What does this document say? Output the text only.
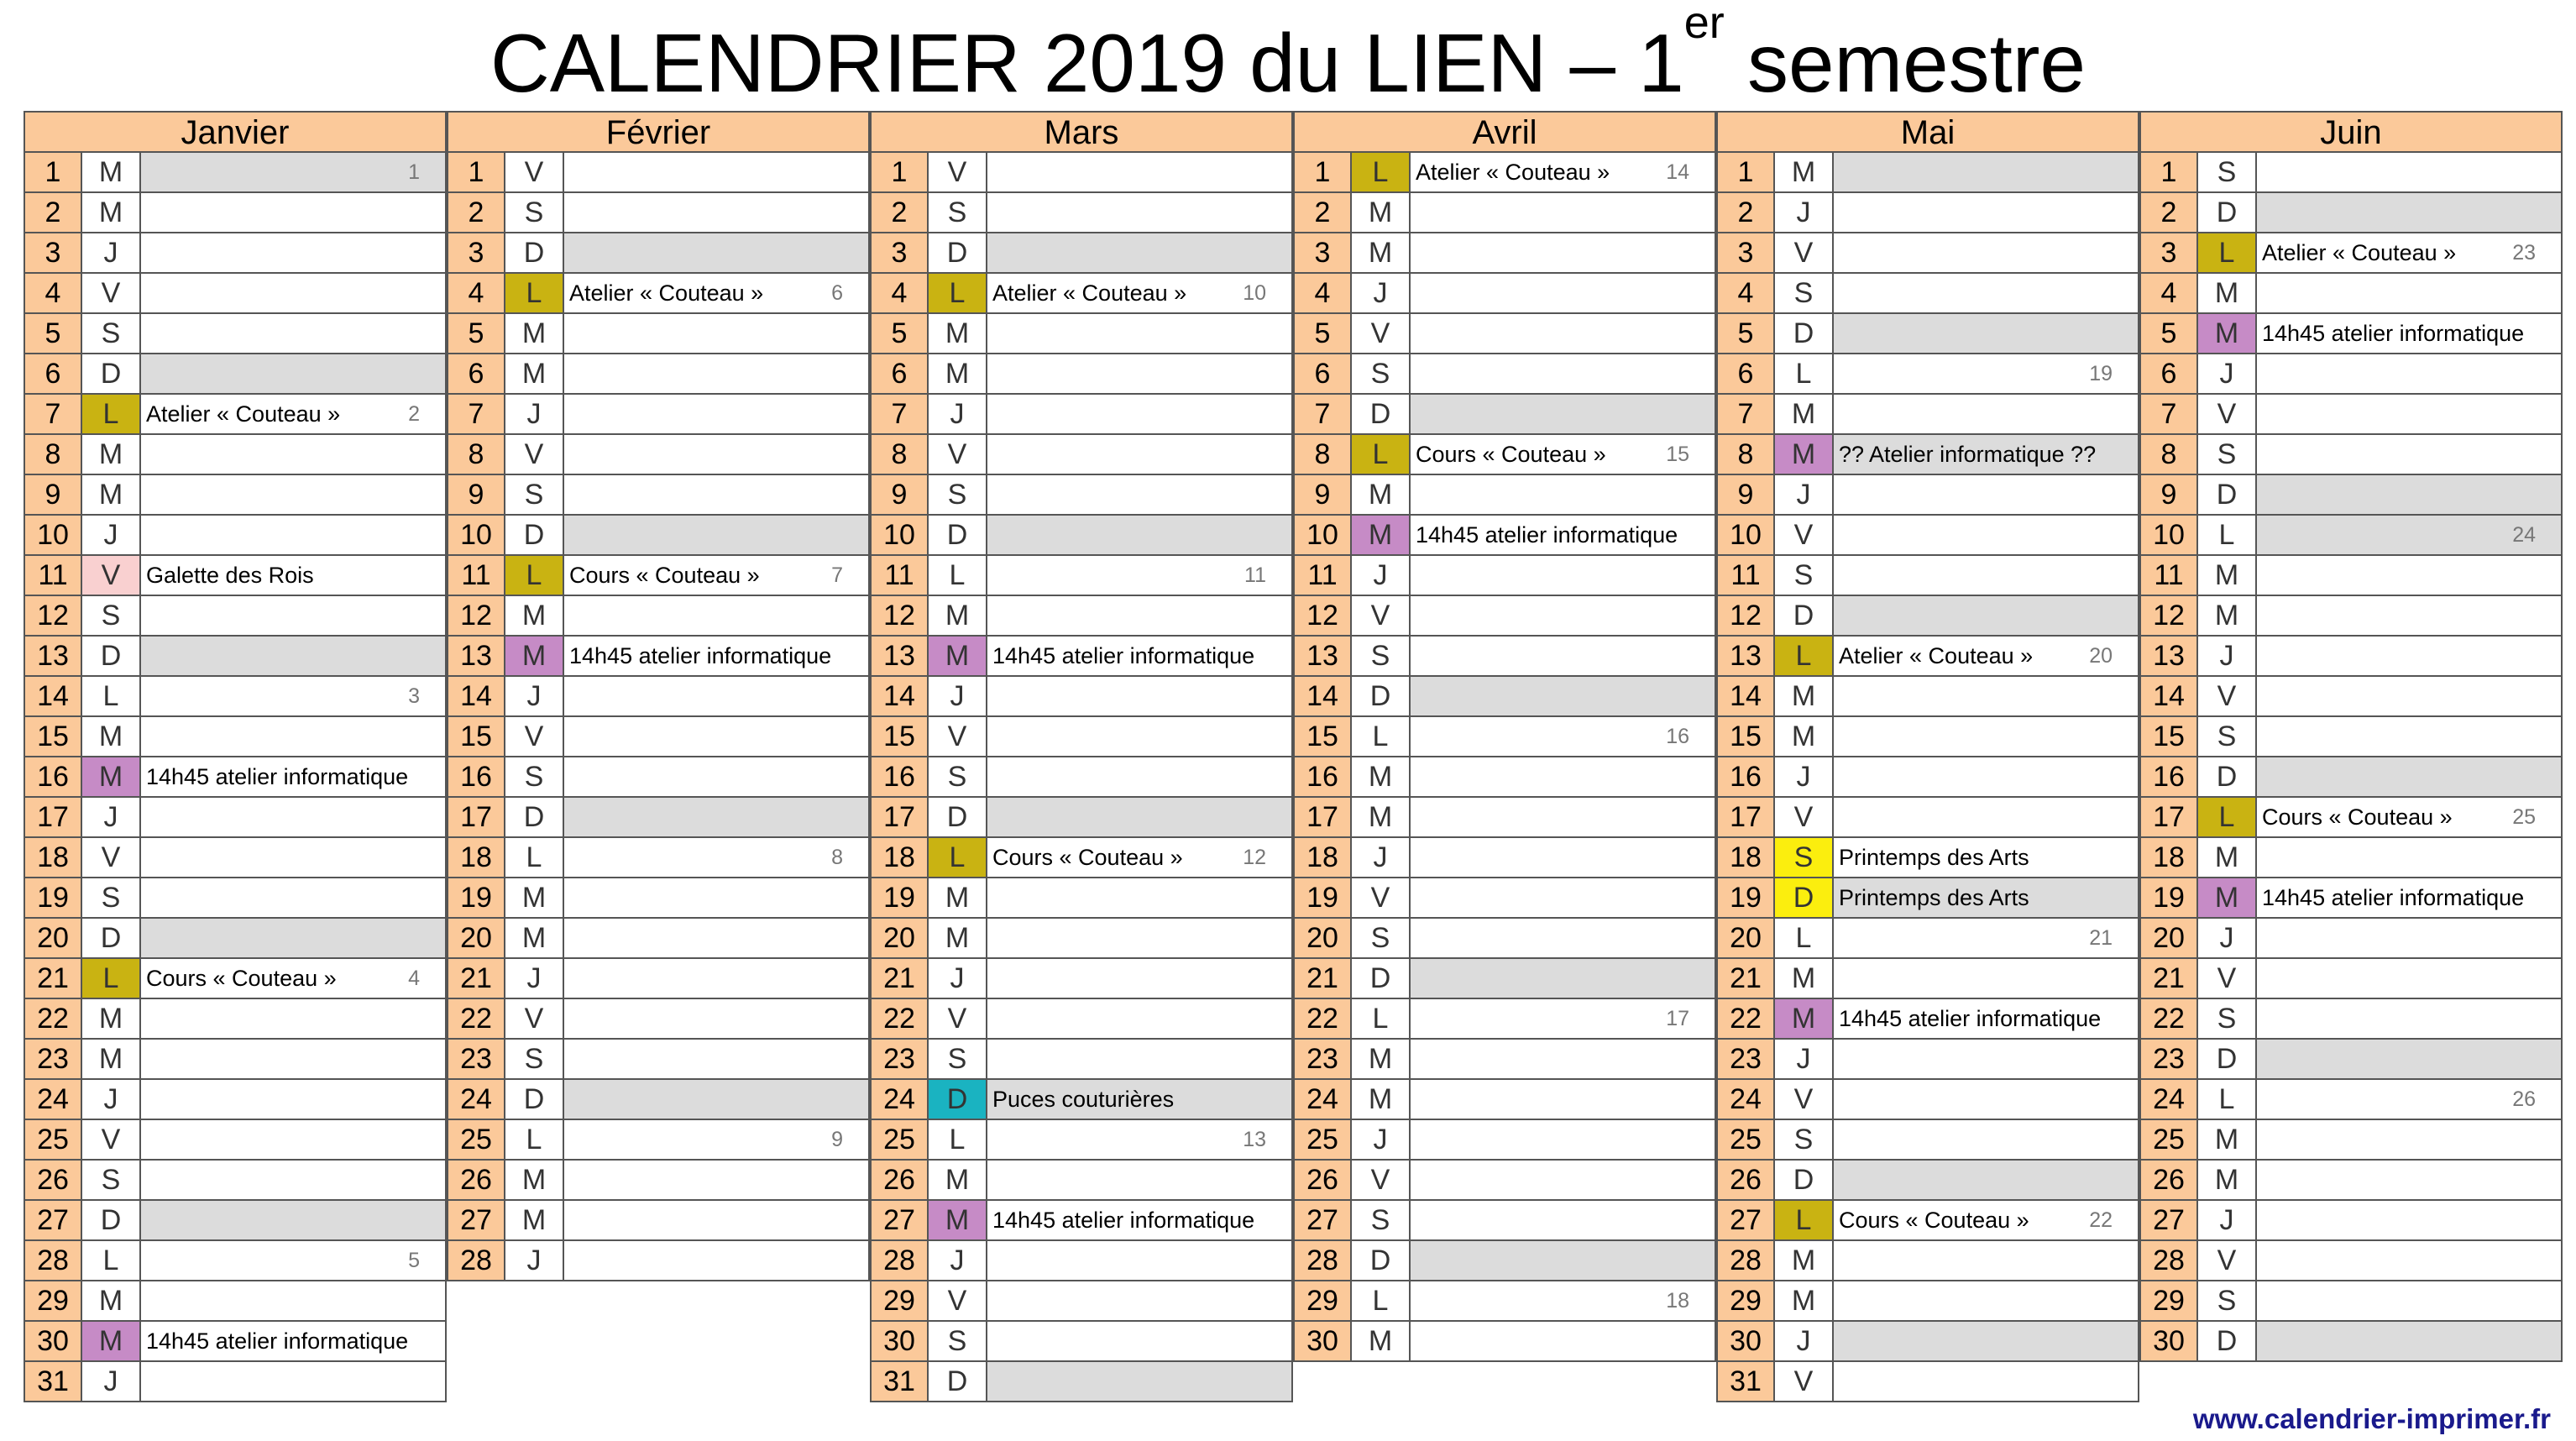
CALENDRIER 2019 du LIEN – 1er semestre
Janvier
1	M	1
2	M
3	J
4	V
5	S
6	D
7	L	Atelier « Couteau »	2
8	M
9	M
10	J
11	V	Galette des Rois
12	S
13	D
14	L	3
15	M
16	M	14h45 atelier informatique
17	J
18	V
19	S
20	D
21	L	Cours « Couteau »	4
22	M
23	M
24	J
25	V
26	S
27	D
28	L	5
29	M
30	M	14h45 atelier informatique
31	J
Février
1	V
2	S
3	D
4	L	Atelier « Couteau »	6
5	M
6	M
7	J
8	V
9	S
10	D
11	L	Cours « Couteau »	7
12	M
13	M	14h45 atelier informatique
14	J
15	V
16	S
17	D
18	L	8
19	M
20	M
21	J
22	V
23	S
24	D
25	L	9
26	M
27	M
28	J
Mars
1	V
2	S
3	D
4	L	Atelier « Couteau »	10
5	M
6	M
7	J
8	V
9	S
10	D
11	L	11
12	M
13	M	14h45 atelier informatique
14	J
15	V
16	S
17	D
18	L	Cours « Couteau »	12
19	M
20	M
21	J
22	V
23	S
24	D	Puces couturières
25	L	13
26	M
27	M	14h45 atelier informatique
28	J
29	V
30	S
31	D
Avril
1	L	Atelier « Couteau »	14
2	M
3	M
4	J
5	V
6	S
7	D
8	L	Cours « Couteau »	15
9	M
10	M	14h45 atelier informatique
11	J
12	V
13	S
14	D
15	L	16
16	M
17	M
18	J
19	V
20	S
21	D
22	L	17
23	M
24	M
25	J
26	V
27	S
28	D
29	L	18
30	M
Mai
1	M
2	J
3	V
4	S
5	D
6	L	19
7	M
8	M	?? Atelier informatique ??
9	J
10	V
11	S
12	D
13	L	Atelier « Couteau »	20
14	M
15	M
16	J
17	V
18	S	Printemps des Arts
19	D	Printemps des Arts
20	L	21
21	M
22	M	14h45 atelier informatique
23	J
24	V
25	S
26	D
27	L	Cours « Couteau »	22
28	M
29	M
30	J
31	V
Juin
1	S
2	D
3	L	Atelier « Couteau »	23
4	M
5	M	14h45 atelier informatique
6	J
7	V
8	S
9	D
10	L	24
11	M
12	M
13	J
14	V
15	S
16	D
17	L	Cours « Couteau »	25
18	M
19	M	14h45 atelier informatique
20	J
21	V
22	S
23	D
24	L	26
25	M
26	M
27	J
28	V
29	S
30	D
www.calendrier-imprimer.fr
